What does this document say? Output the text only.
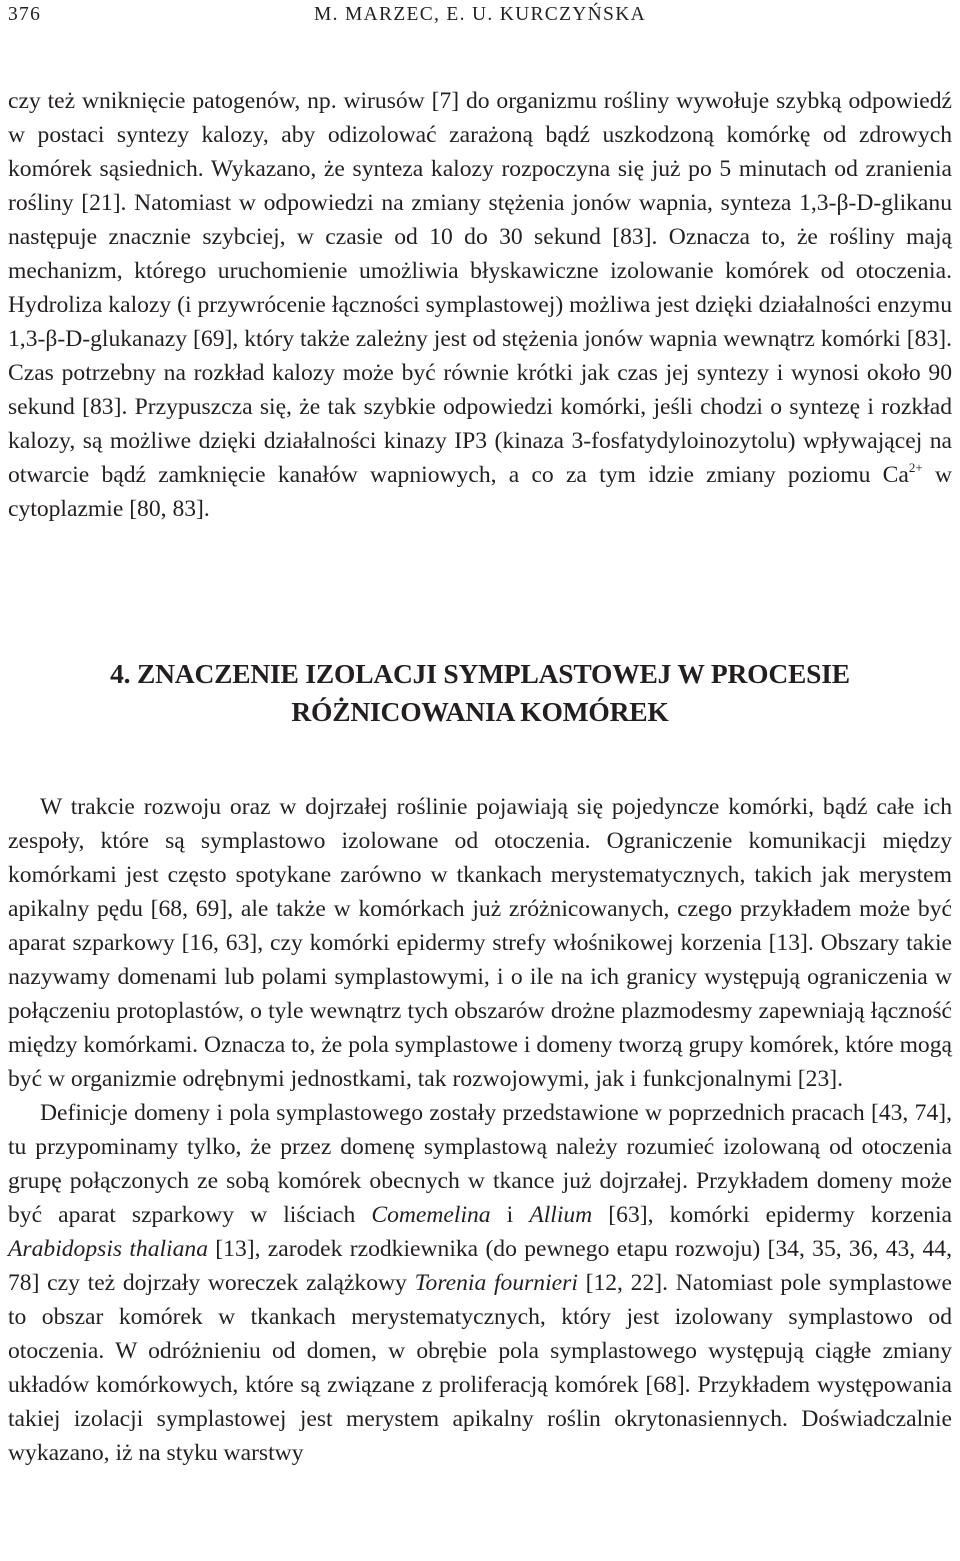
376	M. MARZEC, E. U. KURCZYŃSKA

czy też wniknięcie patogenów, np. wirusów [7] do organizmu rośliny wywołuje szybką odpowiedź w postaci syntezy kalozy, aby odizolować zarażoną bądź uszkodzoną komórkę od zdrowych komórek sąsiednich. Wykazano, że synteza kalozy rozpoczyna się już po 5 minutach od zranienia rośliny [21]. Natomiast w odpowiedzi na zmiany stężenia jonów wapnia, synteza 1,3-β-D-glikanu następuje znacznie szybciej, w czasie od 10 do 30 sekund [83]. Oznacza to, że rośliny mają mechanizm, którego uruchomienie umożliwia błyskawiczne izolowanie komórek od otoczenia. Hydroliza kalozy (i przywrócenie łączności symplastowej) możliwa jest dzięki działalności enzymu 1,3-β-D-glukanazy [69], który także zależny jest od stężenia jonów wapnia wewnątrz komórki [83]. Czas potrzebny na rozkład kalozy może być równie krótki jak czas jej syntezy i wynosi około 90 sekund [83]. Przypuszcza się, że tak szybkie odpowiedzi komórki, jeśli chodzi o syntezę i rozkład kalozy, są możliwe dzięki działalności kinazy IP3 (kinaza 3-fosfatydyloinozytolu) wpływającej na otwarcie bądź zamknięcie kanałów wapniowych, a co za tym idzie zmiany poziomu $Ca^{2+}$ w cytoplazmie [80, 83].

4. ZNACZENIE IZOLACJI SYMPLASTOWEJ W PROCESIE
RÓŻNICOWANIA KOMÓREK

W trakcie rozwoju oraz w dojrzałej roślinie pojawiają się pojedyncze komórki, bądź całe ich zespoły, które są symplastowo izolowane od otoczenia. Ograniczenie komunikacji między komórkami jest często spotykane zarówno w tkankach merystematycznych, takich jak merystem apikalny pędu [68, 69], ale także w komórkach już zróżnicowanych, czego przykładem może być aparat szparkowy [16, 63], czy komórki epidermy strefy włośnikowej korzenia [13]. Obszary takie nazywamy domenami lub polami symplastowymi, i o ile na ich granicy występują ograniczenia w połączeniu protoplastów, o tyle wewnątrz tych obszarów drożne plazmodesmy zapewniają łączność między komórkami. Oznacza to, że pola symplastowe i domeny tworzą grupy komórek, które mogą być w organizmie odrębnymi jednostkami, tak rozwojowymi, jak i funkcjonalnymi [23].

Definicje domeny i pola symplastowego zostały przedstawione w poprzednich pracach [43, 74], tu przypominamy tylko, że przez domenę symplastową należy rozumieć izolowaną od otoczenia grupę połączonych ze sobą komórek obecnych w tkance już dojrzałej. Przykładem domeny może być aparat szparkowy w liściach Comemelina i Allium [63], komórki epidermy korzenia Arabidopsis thaliana [13], zarodek rzodkiewnika (do pewnego etapu rozwoju) [34, 35, 36, 43, 44, 78] czy też dojrzały woreczek zalążkowy Torenia fournieri [12, 22]. Natomiast pole symplastowe to obszar komórek w tkankach merystematycznych, który jest izolowany symplastowo od otoczenia. W odróżnieniu od domen, w obrębie pola symplastowego występują ciągłe zmiany układów komórkowych, które są związane z proliferacją komórek [68]. Przykładem występowania takiej izolacji symplastowej jest merystem apikalny roślin okrytonasiennych. Doświadczalnie wykazano, iż na styku warstwy
